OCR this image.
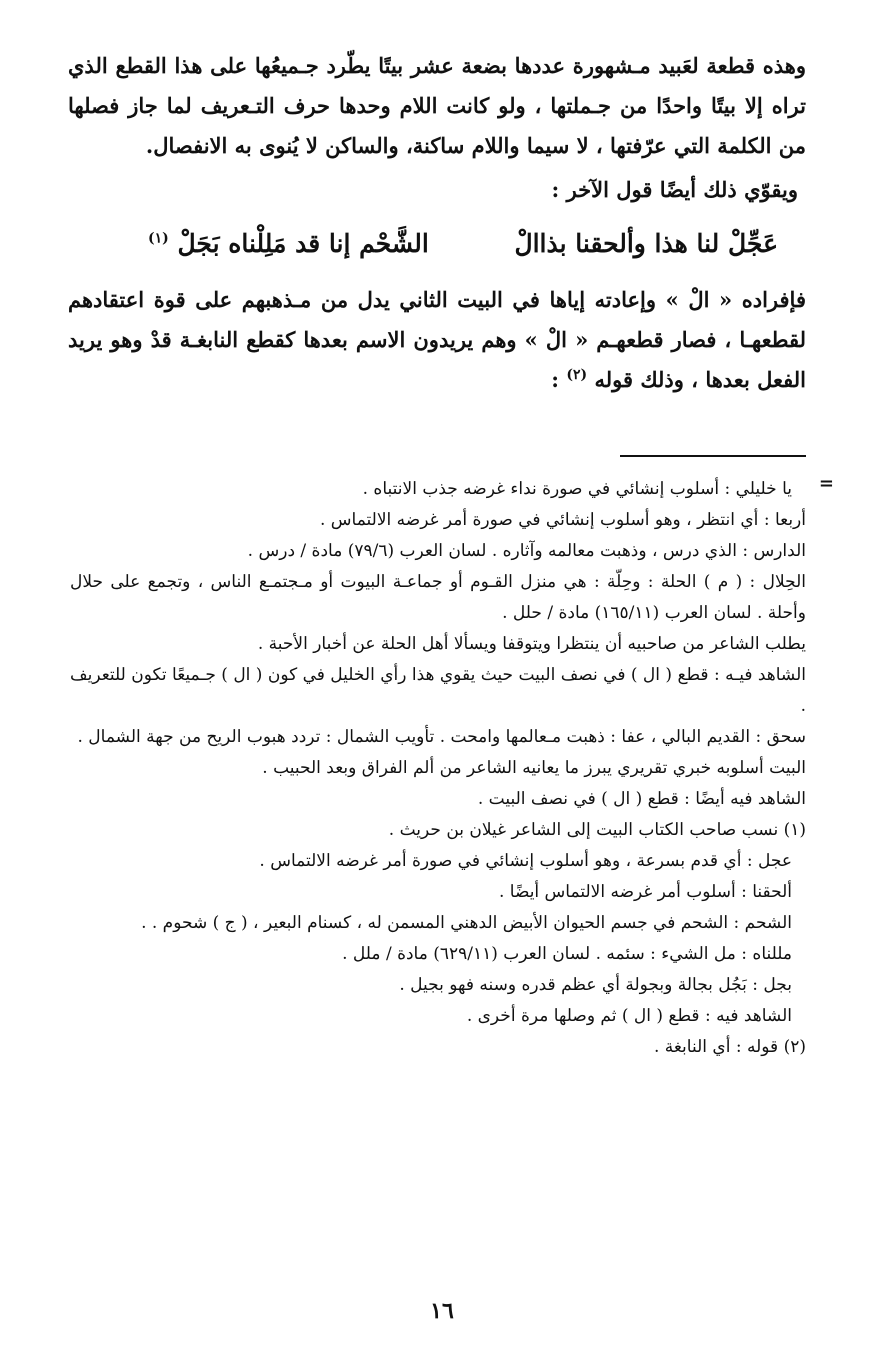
وهذه قطعة لعَبيد مـشهورة عددها بضعة عشر بيتًا يطّرد جـميعُها على هذا القطع الذي تراه إلا بيتًا واحدًا من جـملتها ، ولو كانت اللام وحدها حرف التـعريف لما جاز فصلها من الكلمة التي عرّفتها ، لا سيما واللام ساكنة، والساكن لا يُنوى به الانفصال.

ويقوّي ذلك أيضًا قول الآخر :

عَجِّلْ لنا هذا وألحقنا بذاالْ
الشَّحْم إنا قد مَلِلْناه بَجَلْ $^{(١)}$

فإفراده « الْ » وإعادته إياها في البيت الثاني يدل من مـذهبهم على قوة اعتقادهم لقطعهـا ، فصار قطعهـم « الْ » وهم يريدون الاسم بعدها كقطع النابغـة قدْ وهو يريد الفعل بعدها ، وذلك قوله $^{(٢)}$ :

=

يا خليلي : أسلوب إنشائي في صورة نداء غرضه جذب الانتباه .

أربعا : أي انتظر ، وهو أسلوب إنشائي في صورة أمر غرضه الالتماس .

الدارس : الذي درس ، وذهبت معالمه وآثاره . لسان العرب (٧٩/٦) مادة / درس .

الحِلال : ( م ) الحلة : وحِلّة : هي منزل القـوم أو جماعـة البيوت أو مـجتمـع الناس ، وتجمع على حلال وأحلة . لسان العرب (١٦٥/١١) مادة / حلل .

يطلب الشاعر من صاحبيه أن ينتظرا ويتوقفا ويسألا أهل الحلة عن أخبار الأحبة .

الشاهد فيـه : قطع ( ال ) في نصف البيت حيث يقوي هذا رأي الخليل في كون ( ال ) جـميعًا تكون للتعريف .

سحق : القديم البالي ، عفا : ذهبت مـعالمها وامحت . تأويب الشمال : تردد هبوب الريح من جهة الشمال .

البيت أسلوبه خبري تقريري يبرز ما يعانيه الشاعر من ألم الفراق وبعد الحبيب .

الشاهد فيه أيضًا : قطع ( ال ) في نصف البيت .

(١) نسب صاحب الكتاب البيت إلى الشاعر غيلان بن حريث .

عجل : أي قدم بسرعة ، وهو أسلوب إنشائي في صورة أمر غرضه الالتماس .

ألحقنا : أسلوب أمر غرضه الالتماس أيضًا .

الشحم : الشحم في جسم الحيوان الأبيض الدهني المسمن له ، كسنام البعير ، ( ج ) شحوم . .

مللناه : مل الشيء : سئمه . لسان العرب (٦٢٩/١١) مادة / ملل .

بجل : بَجُل بجالة وبجولة أي عظم قدره وسنه فهو بجيل .

الشاهد فيه : قطع ( ال ) ثم وصلها مرة أخرى .

(٢) قوله : أي النابغة .

١٦
